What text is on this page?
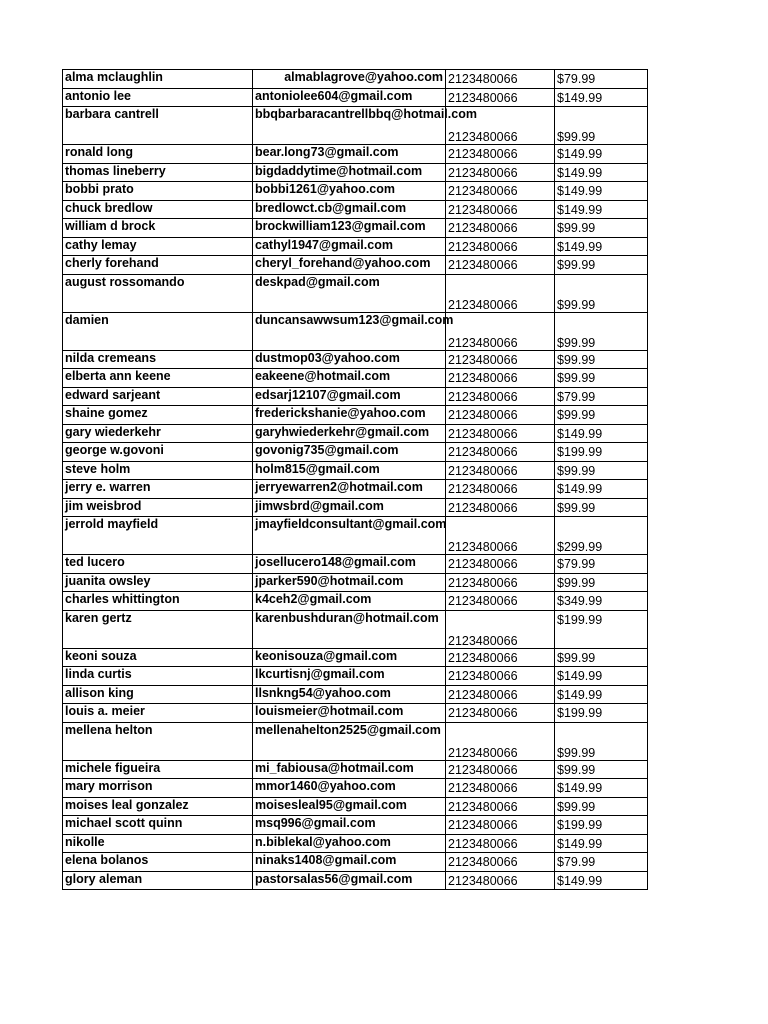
alma mclaughlin	almablagrove@yahoo.com	2123480066	$79.99
antonio lee	antoniolee604@gmail.com	2123480066	$149.99
barbara cantrell	bbqbarbaracantrellbbq@hotmail.com	2123480066	$99.99
ronald long	bear.long73@gmail.com	2123480066	$149.99
thomas lineberry	bigdaddytime@hotmail.com	2123480066	$149.99
bobbi prato	bobbi1261@yahoo.com	2123480066	$149.99
chuck bredlow	bredlowct.cb@gmail.com	2123480066	$149.99
william d brock	brockwilliam123@gmail.com	2123480066	$99.99
cathy lemay	cathyl1947@gmail.com	2123480066	$149.99
cherly forehand	cheryl_forehand@yahoo.com	2123480066	$99.99
august rossomando	deskpad@gmail.com	2123480066	$99.99
damien	duncansawwsum123@gmail.com	2123480066	$99.99
nilda cremeans	dustmop03@yahoo.com	2123480066	$99.99
elberta ann keene	eakeene@hotmail.com	2123480066	$99.99
edward sarjeant	edsarj12107@gmail.com	2123480066	$79.99
shaine gomez	frederickshanie@yahoo.com	2123480066	$99.99
gary wiederkehr	garyhwiederkehr@gmail.com	2123480066	$149.99
george w.govoni	govonig735@gmail.com	2123480066	$199.99
steve holm	holm815@gmail.com	2123480066	$99.99
jerry e. warren	jerryewarren2@hotmail.com	2123480066	$149.99
jim weisbrod	jimwsbrd@gmail.com	2123480066	$99.99
jerrold mayfield	jmayfieldconsultant@gmail.com	2123480066	$299.99
ted lucero	josellucero148@gmail.com	2123480066	$79.99
juanita owsley	jparker590@hotmail.com	2123480066	$99.99
charles whittington	k4ceh2@gmail.com	2123480066	$349.99
karen gertz	karenbushduran@hotmail.com	2123480066	$199.99
keoni souza	keonisouza@gmail.com	2123480066	$99.99
linda curtis	lkcurtisnj@gmail.com	2123480066	$149.99
allison king	llsnkng54@yahoo.com	2123480066	$149.99
louis a. meier	louismeier@hotmail.com	2123480066	$199.99
mellena helton	mellenahelton2525@gmail.com	2123480066	$99.99
michele figueira	mi_fabiousa@hotmail.com	2123480066	$99.99
mary morrison	mmor1460@yahoo.com	2123480066	$149.99
moises leal gonzalez	moisesleal95@gmail.com	2123480066	$99.99
michael scott quinn	msq996@gmail.com	2123480066	$199.99
nikolle	n.biblekal@yahoo.com	2123480066	$149.99
elena bolanos	ninaks1408@gmail.com	2123480066	$79.99
glory aleman	pastorsalas56@gmail.com	2123480066	$149.99
